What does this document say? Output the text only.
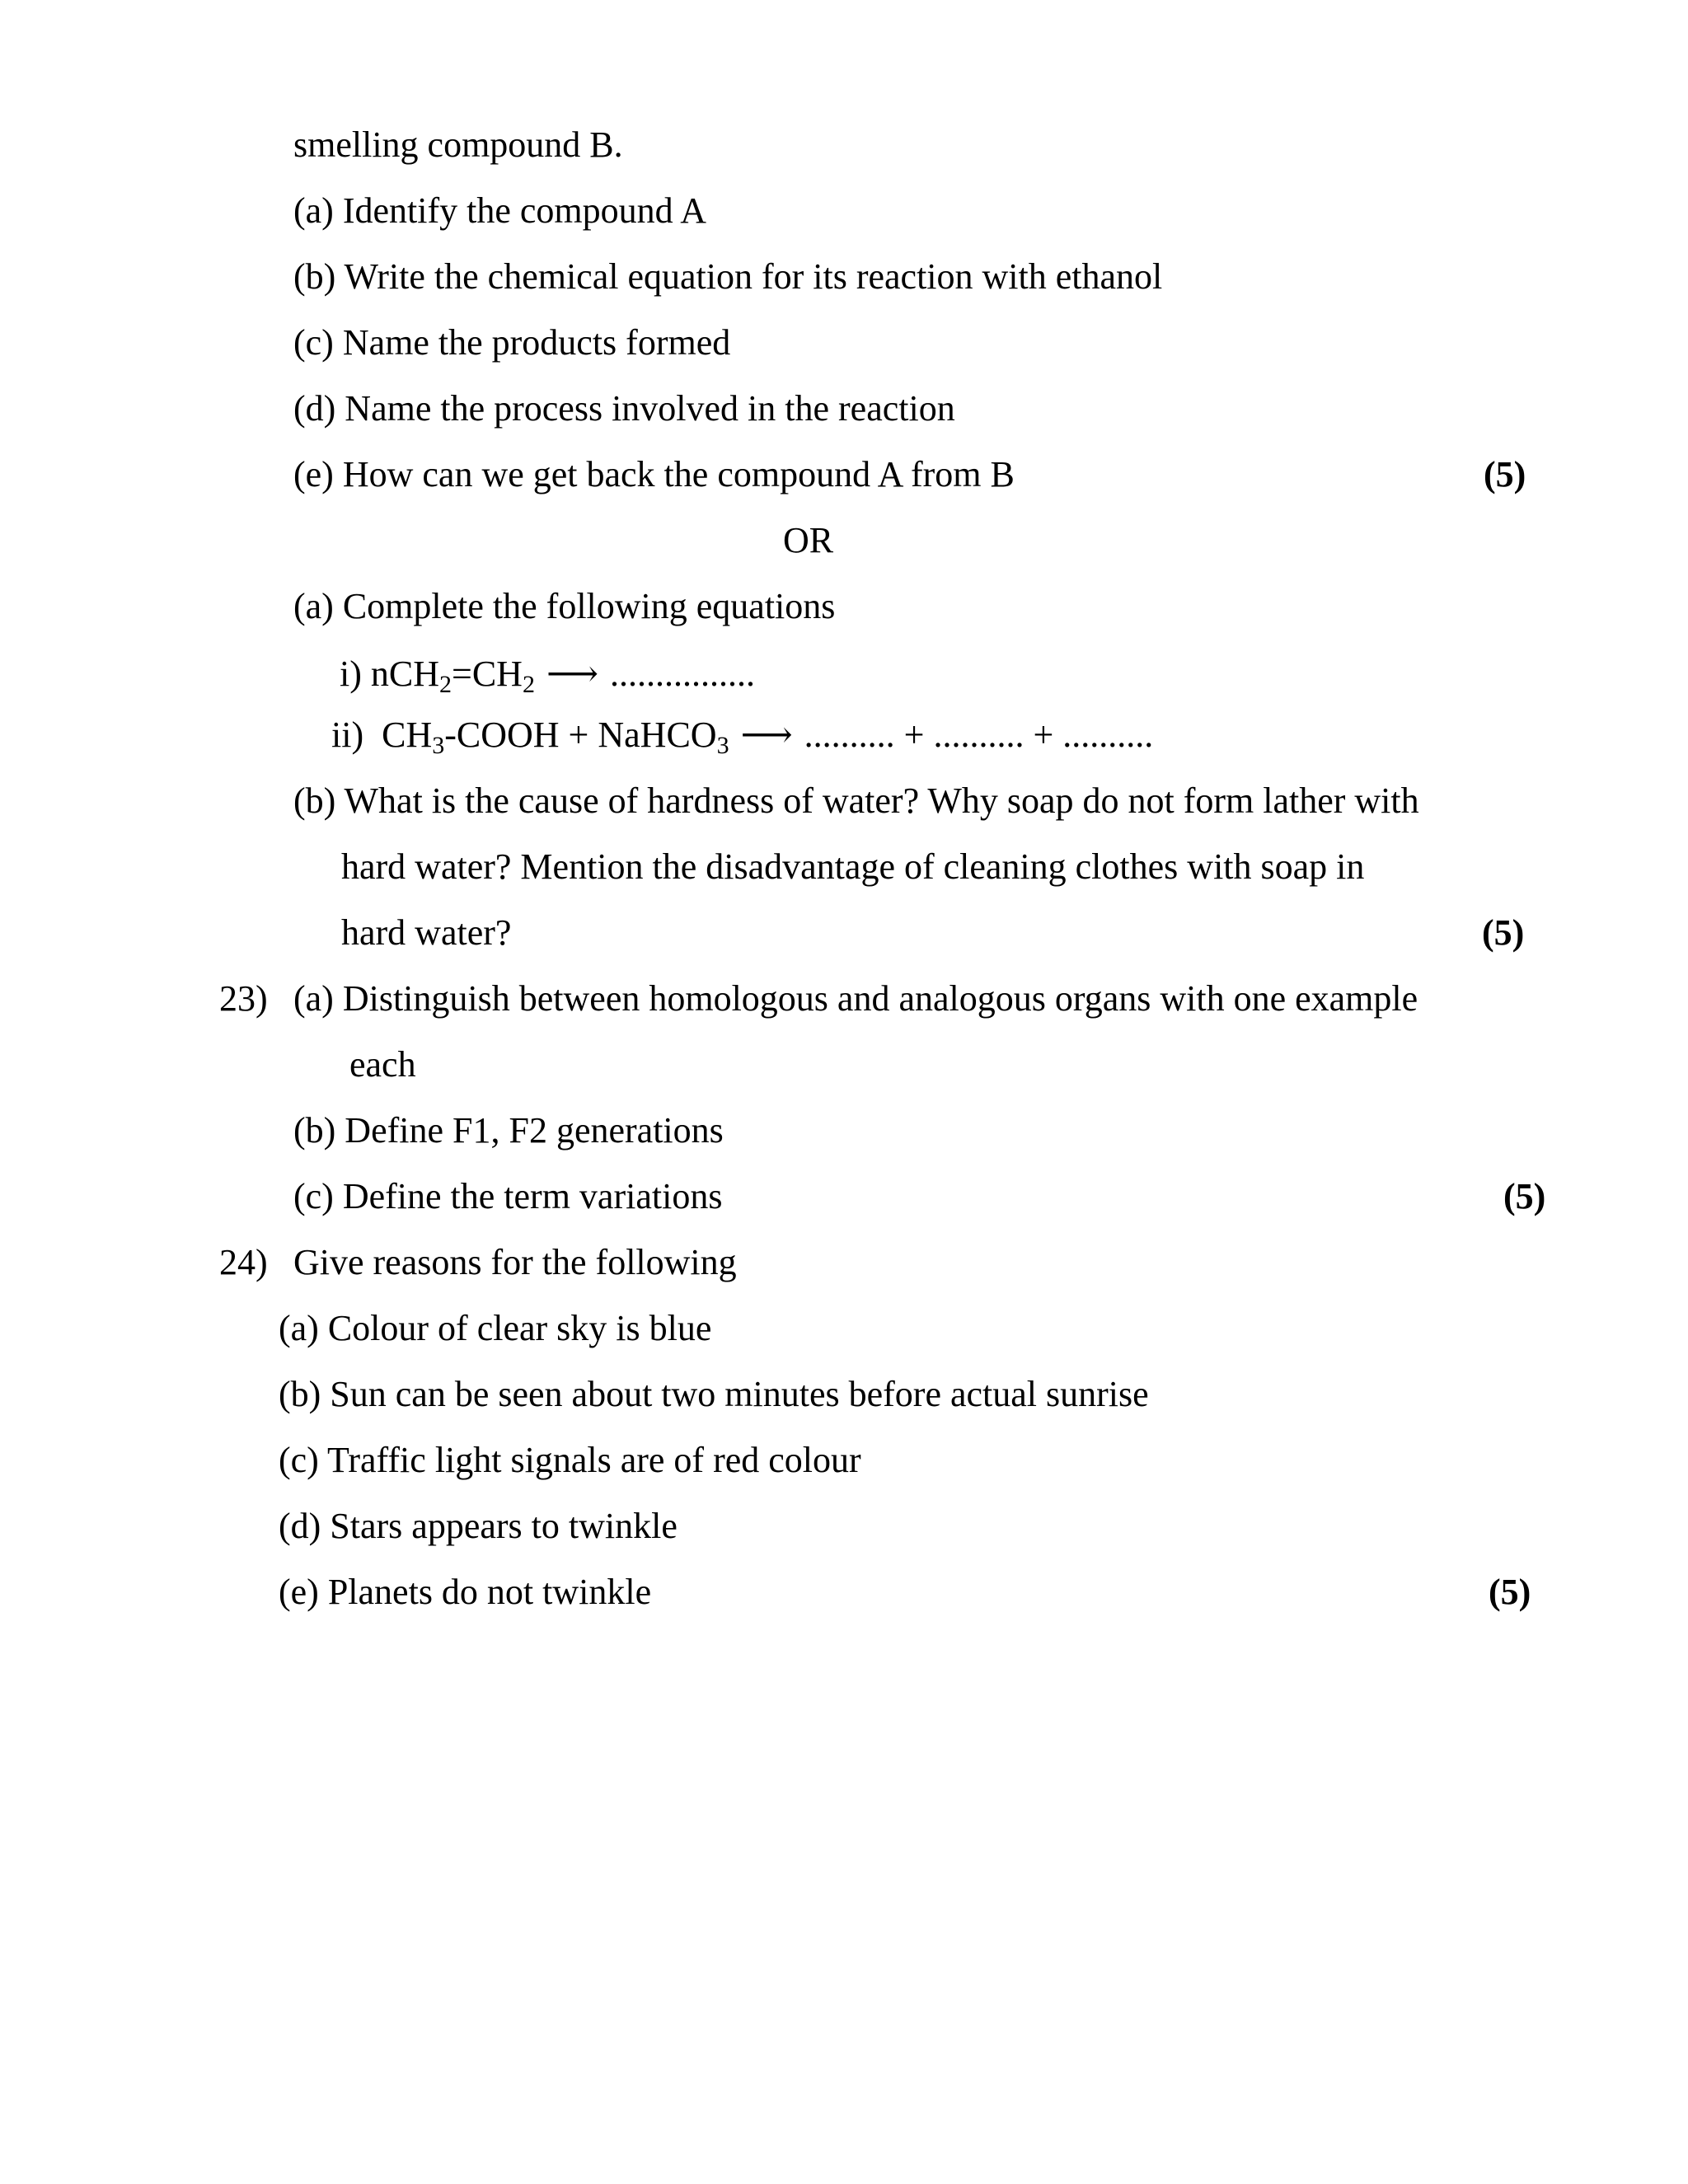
smelling compound B.
(a) Identify the compound A
(b) Write the chemical equation for its reaction with ethanol
(c) Name the products formed
(d) Name the process involved in the reaction
(e) How can we get back the compound A from B	(5)
OR
(a) Complete the following equations
i) $nCH_2=CH_2$ ⟶ ................
ii)  $CH_3$-COOH + NaHCO$_3$ ⟶ .......... + .......... + ..........
(b) What is the cause of hardness of water? Why soap do not form lather with
hard water? Mention the disadvantage of cleaning clothes with soap in
hard water?	(5)
23) (a) Distinguish between homologous and analogous organs with one example
each
(b) Define F1, F2 generations
(c) Define the term variations	(5)
24) Give reasons for the following
(a) Colour of clear sky is blue
(b) Sun can be seen about two minutes before actual sunrise
(c) Traffic light signals are of red colour
(d) Stars appears to twinkle
(e) Planets do not twinkle	(5)
